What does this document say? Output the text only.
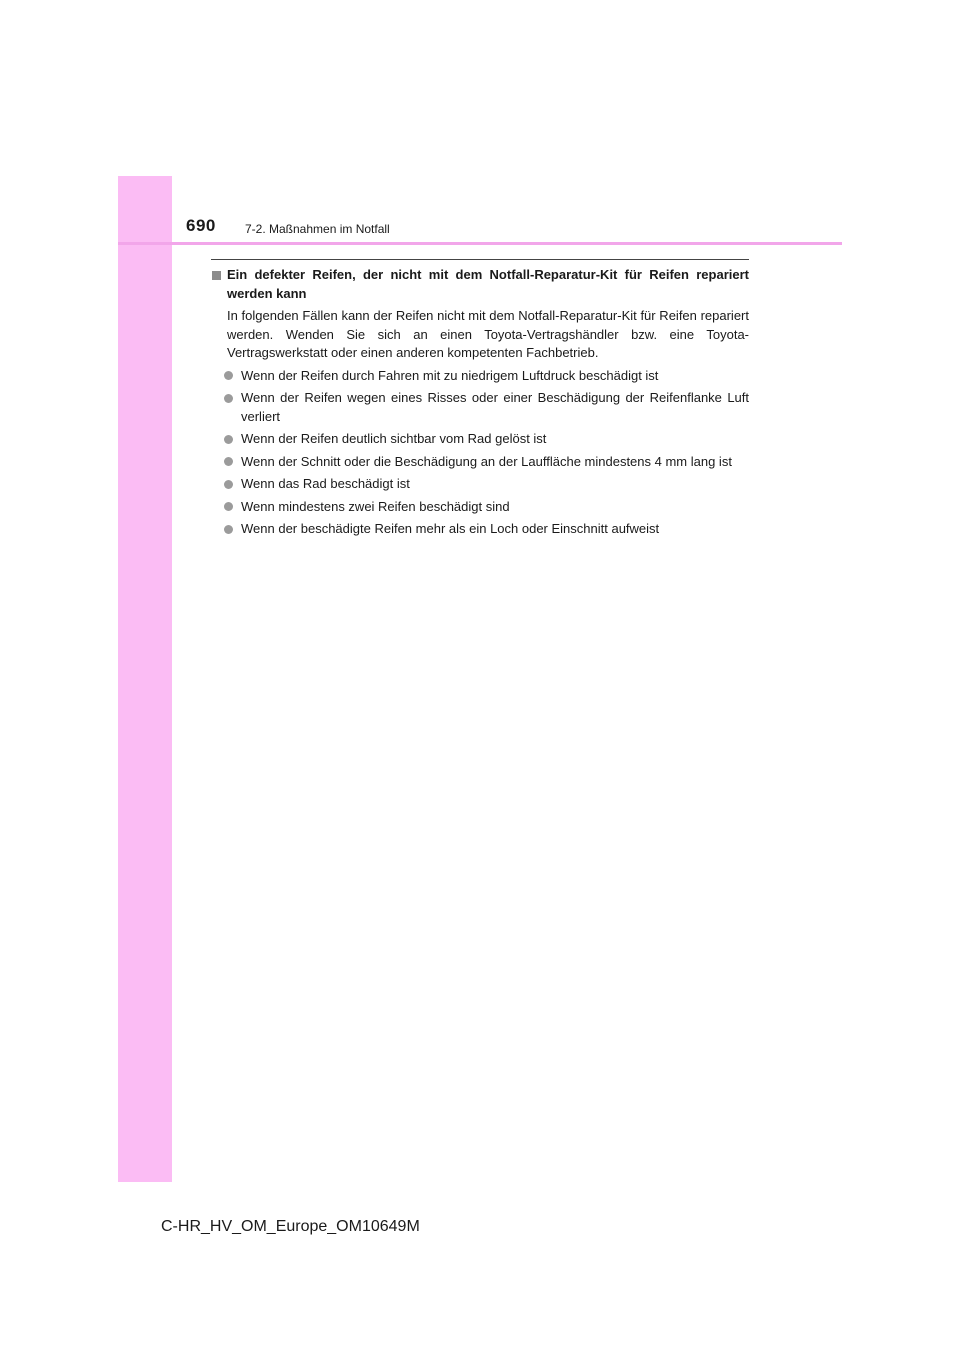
690 7-2. Maßnahmen im Notfall
Ein defekter Reifen, der nicht mit dem Notfall-Reparatur-Kit für Reifen repariert werden kann
In folgenden Fällen kann der Reifen nicht mit dem Notfall-Reparatur-Kit für Reifen repariert werden. Wenden Sie sich an einen Toyota-Vertragshändler bzw. eine Toyota-Vertragswerkstatt oder einen anderen kompetenten Fachbetrieb.
Wenn der Reifen durch Fahren mit zu niedrigem Luftdruck beschädigt ist
Wenn der Reifen wegen eines Risses oder einer Beschädigung der Reifenflanke Luft verliert
Wenn der Reifen deutlich sichtbar vom Rad gelöst ist
Wenn der Schnitt oder die Beschädigung an der Lauffläche mindestens 4 mm lang ist
Wenn das Rad beschädigt ist
Wenn mindestens zwei Reifen beschädigt sind
Wenn der beschädigte Reifen mehr als ein Loch oder Einschnitt aufweist
C-HR_HV_OM_Europe_OM10649M
